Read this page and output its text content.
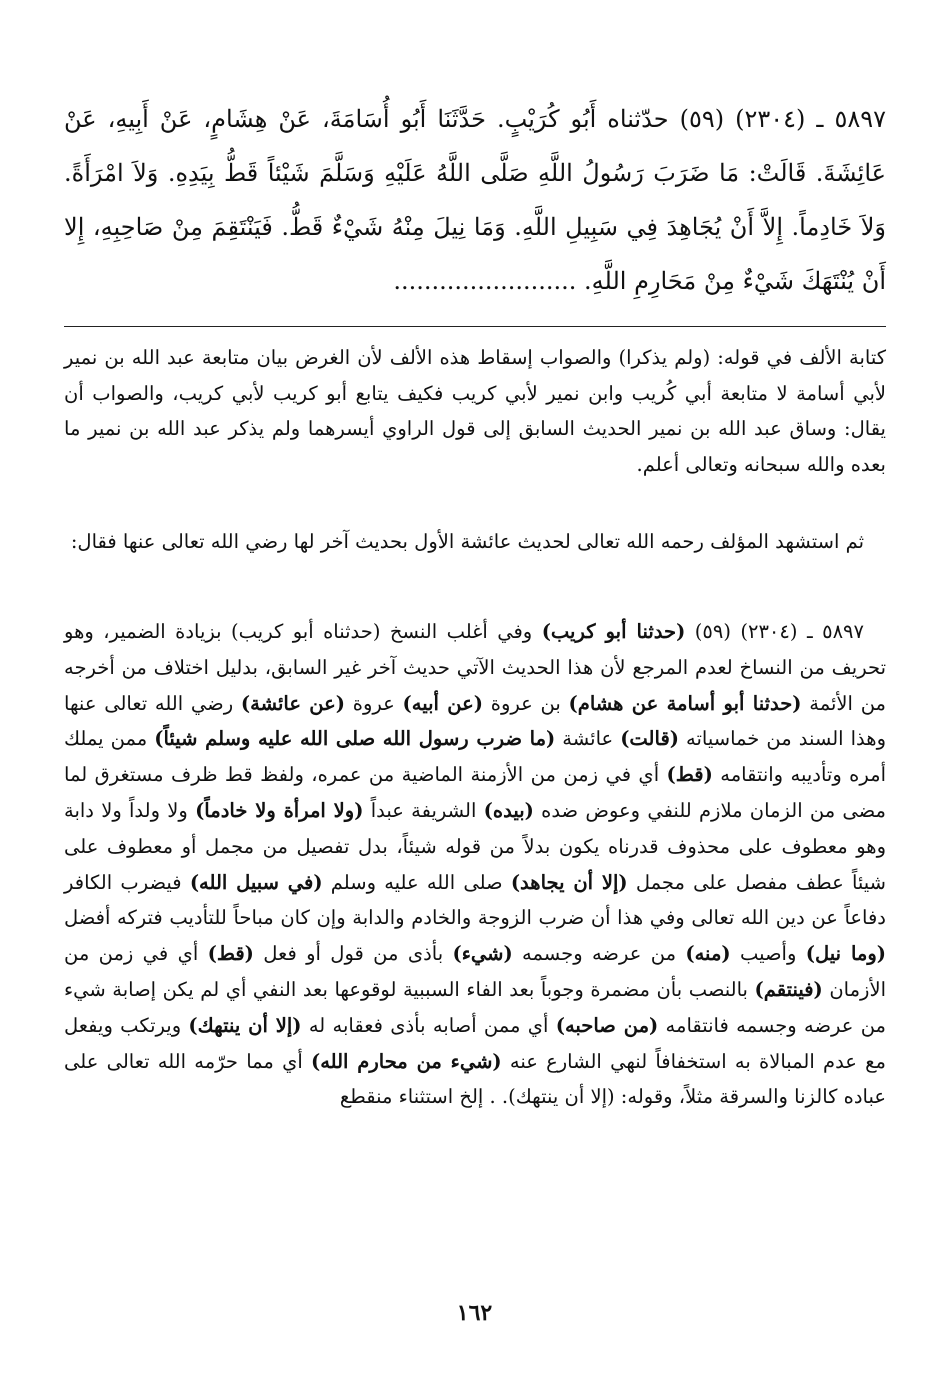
٥٨٩٧ ـ (٢٣٠٤) (٥٩) حدّثناه أَبُو كُرَيْبٍ. حَدَّثَنَا أَبُو أُسَامَةَ، عَنْ هِشَامٍ، عَنْ أَبِيهِ، عَنْ عَائِشَةَ. قَالَتْ: مَا ضَرَبَ رَسُولُ اللَّهِ صَلَّى اللَّهُ عَلَيْهِ وَسَلَّمَ شَيْئاً قَطُّ بِيَدِهِ. وَلاَ امْرَأَةً. وَلاَ خَادِماً. إِلاَّ أَنْ يُجَاهِدَ فِي سَبِيلِ اللَّهِ. وَمَا نِيلَ مِنْهُ شَيْءٌ قَطُّ. فَيَنْتَقِمَ مِنْ صَاحِبِهِ، إِلا أَنْ يُنْتَهَكَ شَيْءٌ مِنْ مَحَارِمِ اللَّهِ. ........................
كتابة الألف في قوله: (ولم يذكرا) والصواب إسقاط هذه الألف لأن الغرض بيان متابعة عبد الله بن نمير لأبي أسامة لا متابعة أبي كُريب وابن نمير لأبي كريب فكيف يتابع أبو كريب لأبي كريب، والصواب أن يقال: وساق عبد الله بن نمير الحديث السابق إلى قول الراوي أيسرهما ولم يذكر عبد الله بن نمير ما بعده والله سبحانه وتعالى أعلم.
ثم استشهد المؤلف رحمه الله تعالى لحديث عائشة الأول بحديث آخر لها رضي الله تعالى عنها فقال:
٥٨٩٧ ـ (٢٣٠٤) (٥٩) (حدثنا أبو كريب) وفي أغلب النسخ (حدثناه أبو كريب) بزيادة الضمير، وهو تحريف من النساخ لعدم المرجع لأن هذا الحديث الآتي حديث آخر غير السابق، بدليل اختلاف من أخرجه من الأئمة (حدثنا أبو أسامة عن هشام) بن عروة (عن أبيه) عروة (عن عائشة) رضي الله تعالى عنها وهذا السند من خماسياته (قالت) عائشة (ما ضرب رسول الله صلى الله عليه وسلم شيئاً) ممن يملك أمره وتأديبه وانتقامه (قط) أي في زمن من الأزمنة الماضية من عمره، ولفظ قط ظرف مستغرق لما مضى من الزمان ملازم للنفي وعوض ضده (بيده) الشريفة عبداً (ولا امرأة ولا خادماً) ولا ولداً ولا دابة وهو معطوف على محذوف قدرناه يكون بدلاً من قوله شيئاً، بدل تفصيل من مجمل أو معطوف على شيئاً عطف مفصل على مجمل (إلا أن يجاهد) صلى الله عليه وسلم (في سبيل الله) فيضرب الكافر دفاعاً عن دين الله تعالى وفي هذا أن ضرب الزوجة والخادم والدابة وإن كان مباحاً للتأديب فتركه أفضل (وما نيل) وأصيب (منه) من عرضه وجسمه (شيء) بأذى من قول أو فعل (قط) أي في زمن من الأزمان (فينتقم) بالنصب بأن مضمرة وجوباً بعد الفاء السببية لوقوعها بعد النفي أي لم يكن إصابة شيء من عرضه وجسمه فانتقامه (من صاحبه) أي ممن أصابه بأذى فعقابه له (إلا أن ينتهك) ويرتكب ويفعل مع عدم المبالاة به استخفافاً لنهي الشارع عنه (شيء من محارم الله) أي مما حرّمه الله تعالى على عباده كالزنا والسرقة مثلاً، وقوله: (إلا أن ينتهك). . إلخ استثناء منقطع
١٦٢
